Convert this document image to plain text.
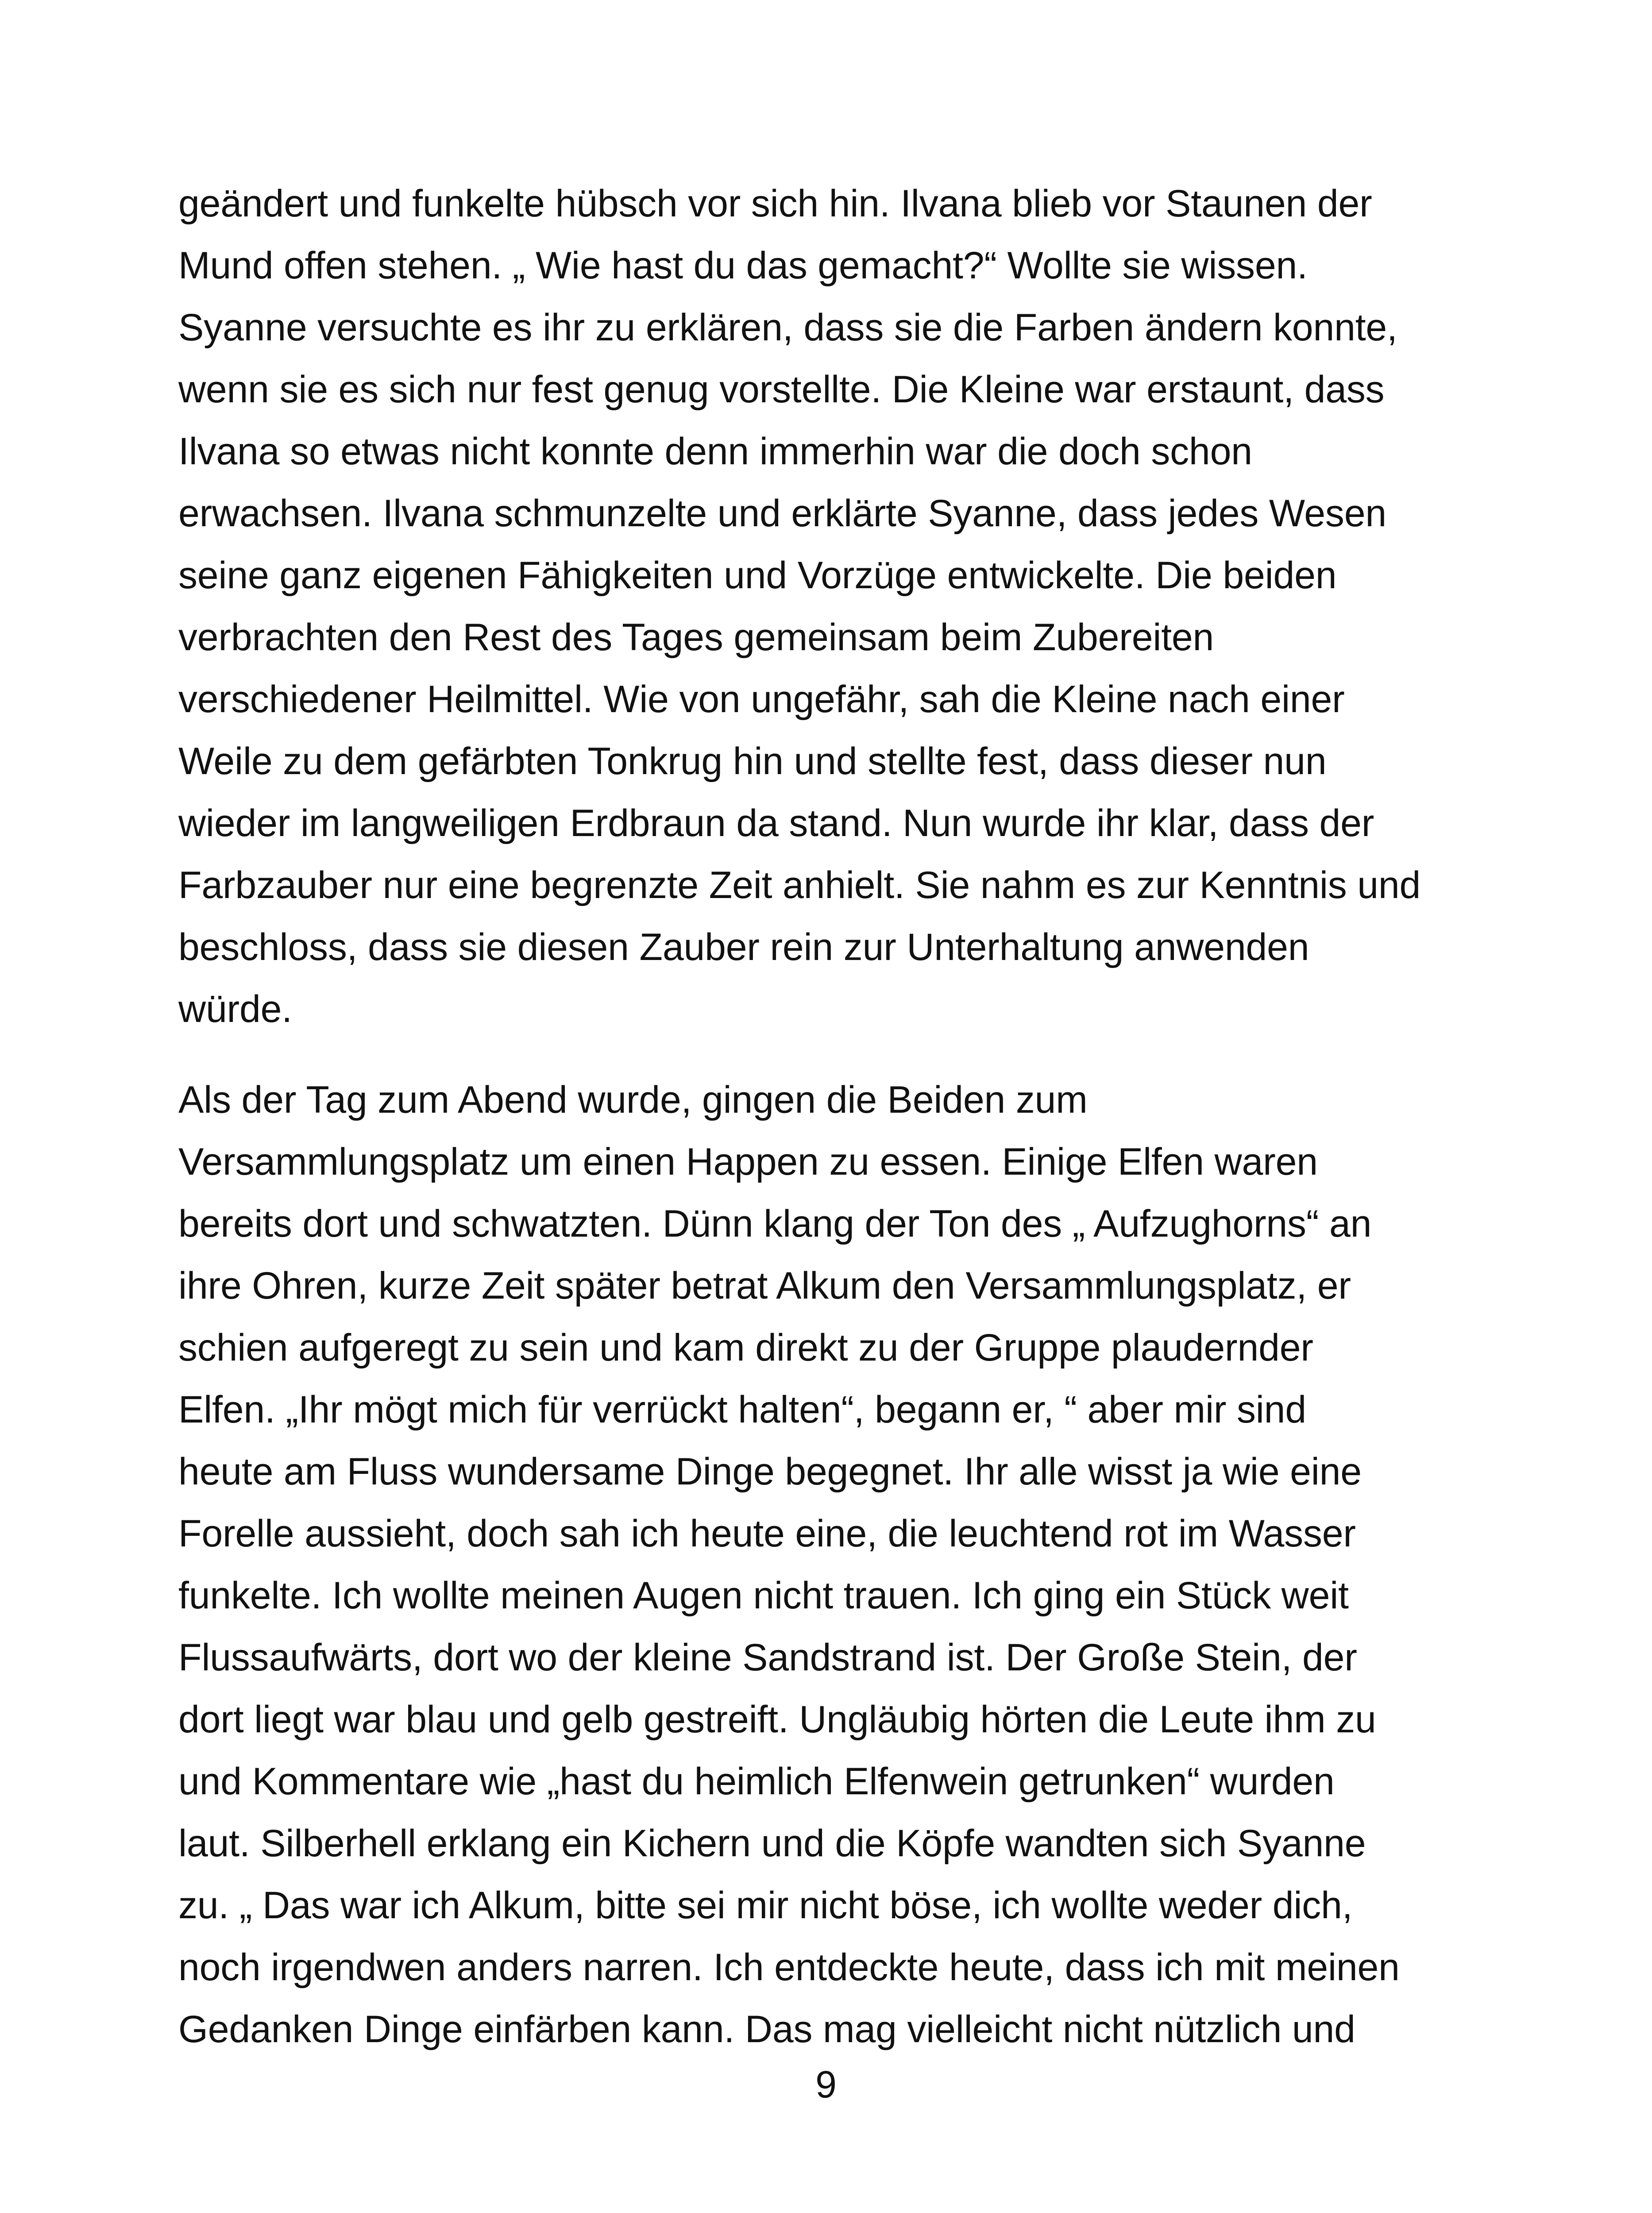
geändert und funkelte hübsch vor sich hin. Ilvana blieb vor Staunen der
Mund offen stehen. „ Wie hast du das gemacht?“ Wollte sie wissen.
Syanne versuchte es ihr zu erklären, dass sie die Farben ändern konnte,
wenn sie es sich nur fest genug vorstellte. Die Kleine war erstaunt, dass
Ilvana so etwas nicht konnte denn immerhin war die doch schon
erwachsen. Ilvana schmunzelte und erklärte Syanne, dass jedes Wesen
seine ganz eigenen Fähigkeiten und Vorzüge entwickelte. Die beiden
verbrachten den Rest des Tages gemeinsam beim Zubereiten
verschiedener Heilmittel. Wie von ungefähr, sah die Kleine nach einer
Weile zu dem gefärbten Tonkrug hin und stellte fest, dass dieser nun
wieder im langweiligen Erdbraun da stand. Nun wurde ihr klar, dass der
Farbzauber nur eine begrenzte Zeit anhielt. Sie nahm es zur Kenntnis und
beschloss, dass sie diesen Zauber rein zur Unterhaltung anwenden
würde.
Als der Tag zum Abend wurde, gingen die Beiden zum
Versammlungsplatz um einen Happen zu essen. Einige Elfen waren
bereits dort und schwatzten. Dünn klang der Ton des „ Aufzughorns“ an
ihre Ohren, kurze Zeit später betrat Alkum den Versammlungsplatz, er
schien aufgeregt zu sein und kam direkt zu der Gruppe plaudernder
Elfen. „Ihr mögt mich für verrückt halten“, begann er, “ aber mir sind
heute am Fluss wundersame Dinge begegnet. Ihr alle wisst ja wie eine
Forelle aussieht, doch sah ich heute eine, die leuchtend rot im Wasser
funkelte. Ich wollte meinen Augen nicht trauen. Ich ging ein Stück weit
Flussaufwärts, dort wo der kleine Sandstrand ist. Der Große Stein, der
dort liegt war blau und gelb gestreift. Ungläubig hörten die Leute ihm zu
und Kommentare wie „hast du heimlich Elfenwein getrunken“ wurden
laut. Silberhell erklang ein Kichern und die Köpfe wandten sich Syanne
zu. „ Das war ich Alkum, bitte sei mir nicht böse, ich wollte weder dich,
noch irgendwen anders narren. Ich entdeckte heute, dass ich mit meinen
Gedanken Dinge einfärben kann. Das mag vielleicht nicht nützlich und
9
